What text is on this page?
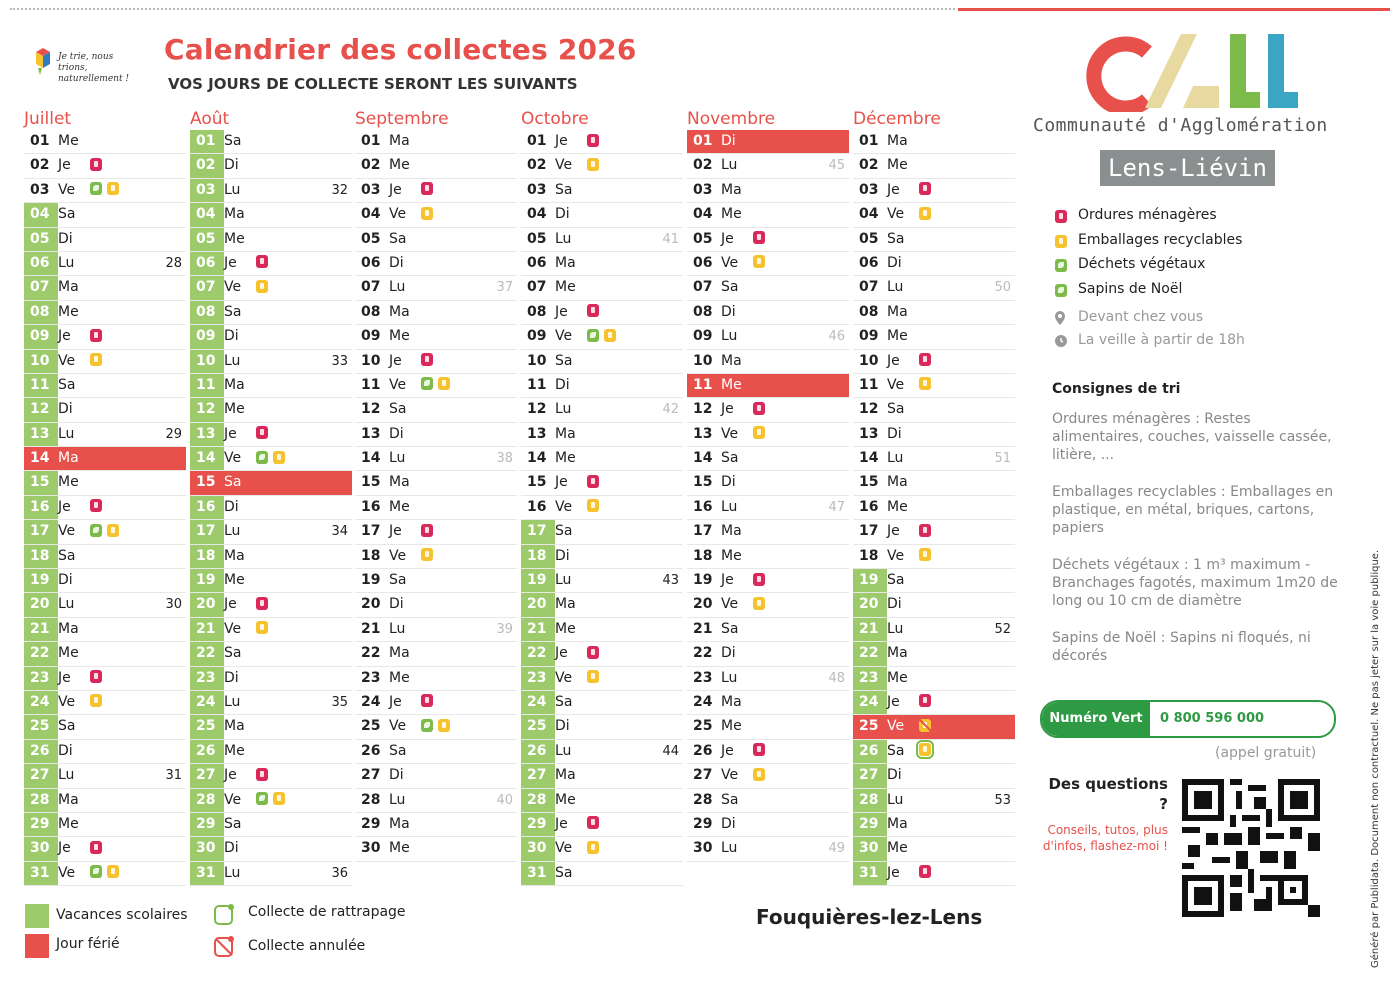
Je trie, nous trions,
naturellement !
Calendrier des collectes 2026
VOS JOURS DE COLLECTE SERONT LES SUIVANTS
Juillet
01 Me
02 Je
03 Ve
04 Sa
05 Di
06 Lu	28
07 Ma
08 Me
09 Je
10 Ve
11 Sa
12 Di
13 Lu	29
14 Ma
15 Me
16 Je
17 Ve
18 Sa
19 Di
20 Lu	30
21 Ma
22 Me
23 Je
24 Ve
25 Sa
26 Di
27 Lu	31
28 Ma
29 Me
30 Je
31 Ve
Août
01 Sa
02 Di
03 Lu	32
04 Ma
05 Me
06 Je
07 Ve
08 Sa
09 Di
10 Lu	33
11 Ma
12 Me
13 Je
14 Ve
15 Sa
16 Di
17 Lu	34
18 Ma
19 Me
20 Je
21 Ve
22 Sa
23 Di
24 Lu	35
25 Ma
26 Me
27 Je
28 Ve
29 Sa
30 Di
31 Lu	36
Septembre
01 Ma
02 Me
03 Je
04 Ve
05 Sa
06 Di
07 Lu	37
08 Ma
09 Me
10 Je
11 Ve
12 Sa
13 Di
14 Lu	38
15 Ma
16 Me
17 Je
18 Ve
19 Sa
20 Di
21 Lu	39
22 Ma
23 Me
24 Je
25 Ve
26 Sa
27 Di
28 Lu	40
29 Ma
30 Me
Octobre
01 Je
02 Ve
03 Sa
04 Di
05 Lu	41
06 Ma
07 Me
08 Je
09 Ve
10 Sa
11 Di
12 Lu	42
13 Ma
14 Me
15 Je
16 Ve
17 Sa
18 Di
19 Lu	43
20 Ma
21 Me
22 Je
23 Ve
24 Sa
25 Di
26 Lu	44
27 Ma
28 Me
29 Je
30 Ve
31 Sa
Novembre
01 Di
02 Lu	45
03 Ma
04 Me
05 Je
06 Ve
07 Sa
08 Di
09 Lu	46
10 Ma
11 Me
12 Je
13 Ve
14 Sa
15 Di
16 Lu	47
17 Ma
18 Me
19 Je
20 Ve
21 Sa
22 Di
23 Lu	48
24 Ma
25 Me
26 Je
27 Ve
28 Sa
29 Di
30 Lu	49
Décembre
01 Ma
02 Me
03 Je
04 Ve
05 Sa
06 Di
07 Lu	50
08 Ma
09 Me
10 Je
11 Ve
12 Sa
13 Di
14 Lu	51
15 Ma
16 Me
17 Je
18 Ve
19 Sa
20 Di
21 Lu	52
22 Ma
23 Me
24 Je
25 Ve
26 Sa
27 Di
28 Lu	53
29 Ma
30 Me
31 Je
Vacances scolaires
Jour férié
Collecte de rattrapage
Collecte annulée
Fouquières-lez-Lens
Communauté d'Agglomération
Lens-Liévin
Ordures ménagères
Emballages recyclables
Déchets végétaux
Sapins de Noël
Devant chez vous
La veille à partir de 18h
Consignes de tri
Ordures ménagères : Restes alimentaires, couches, vaisselle cassée, litière, ...
Emballages recyclables : Emballages en plastique, en métal, briques, cartons, papiers
Déchets végétaux : 1 m³ maximum - Branchages fagotés, maximum 1m20 de long ou 10 cm de diamètre
Sapins de Noël : Sapins ni floqués, ni décorés
Numéro Vert	0 800 596 000
(appel gratuit)
Des questions ?
Conseils, tutos, plus d'infos, flashez-moi !	Généré par Publidata. Document non contractuel. Ne pas jeter sur la voie publique.
